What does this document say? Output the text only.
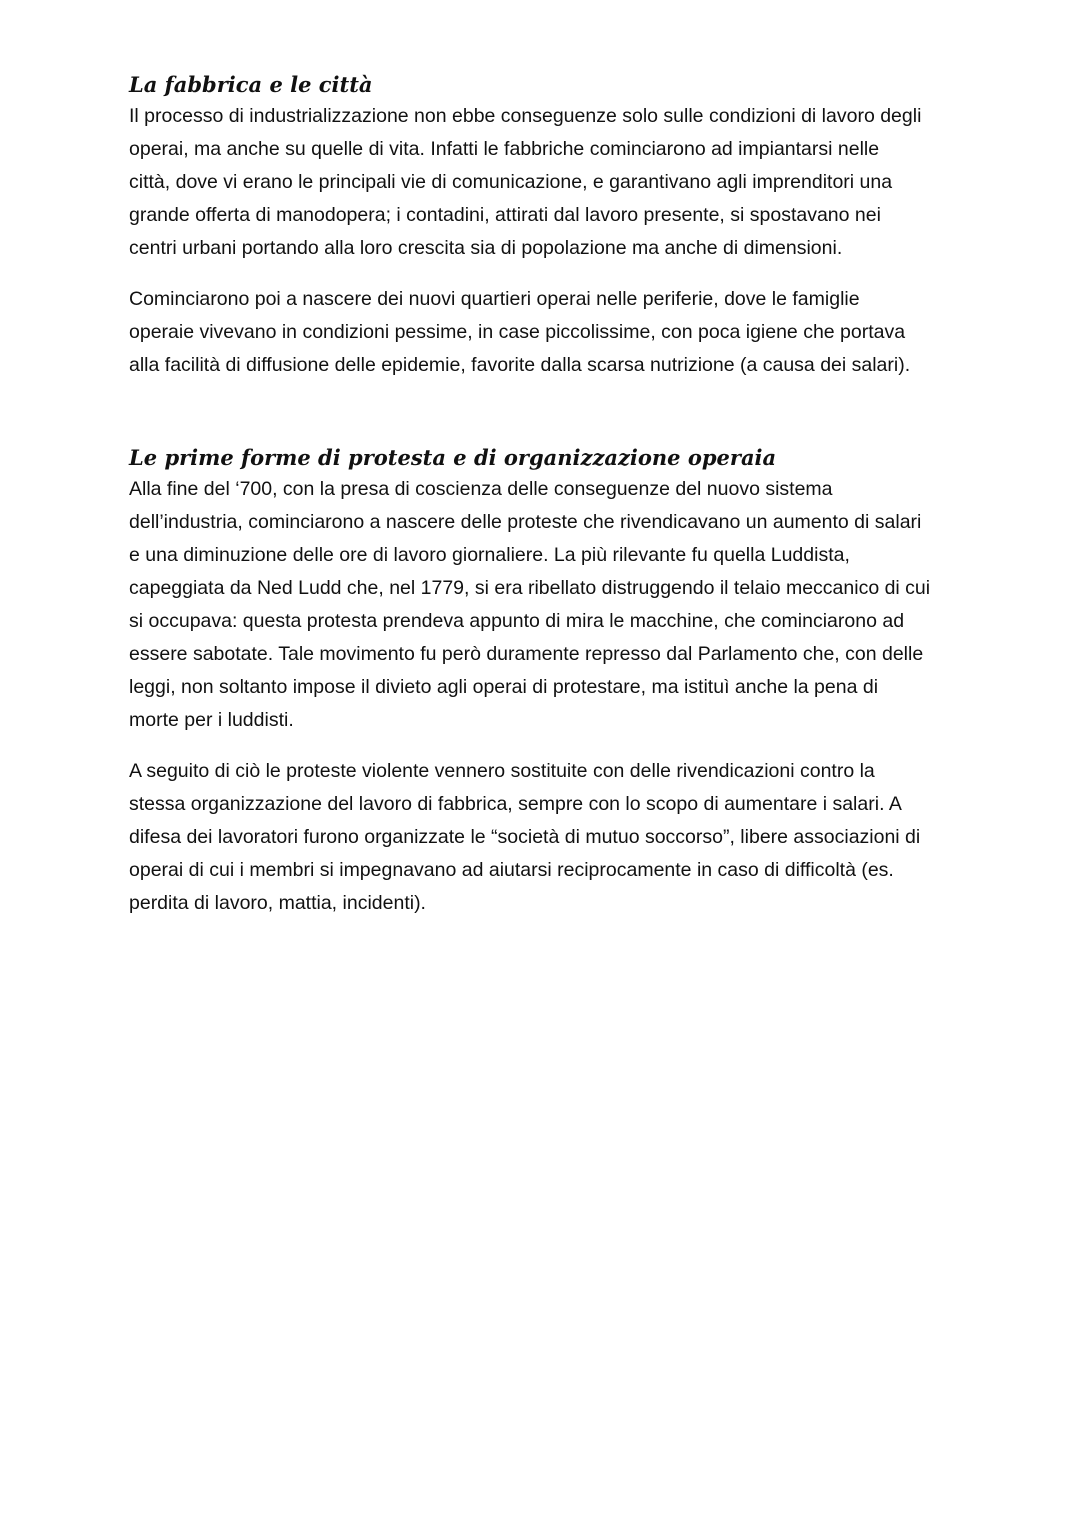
La fabbrica e le città

Il processo di industrializzazione non ebbe conseguenze solo sulle condizioni di lavoro degli
operai, ma anche su quelle di vita. Infatti le fabbriche cominciarono ad impiantarsi nelle
città, dove vi erano le principali vie di comunicazione, e garantivano agli imprenditori una
grande offerta di manodopera; i contadini, attirati dal lavoro presente, si spostavano nei
centri urbani portando alla loro crescita sia di popolazione ma anche di dimensioni.

Cominciarono poi a nascere dei nuovi quartieri operai nelle periferie, dove le famiglie
operaie vivevano in condizioni pessime, in case piccolissime, con poca igiene che portava
alla facilità di diffusione delle epidemie, favorite dalla scarsa nutrizione (a causa dei salari).

Le prime forme di protesta e di organizzazione operaia

Alla fine del ‘700, con la presa di coscienza delle conseguenze del nuovo sistema
dell’industria, cominciarono a nascere delle proteste che rivendicavano un aumento di salari
e una diminuzione delle ore di lavoro giornaliere. La più rilevante fu quella Luddista,
capeggiata da Ned Ludd che, nel 1779, si era ribellato distruggendo il telaio meccanico di cui
si occupava: questa protesta prendeva appunto di mira le macchine, che cominciarono ad
essere sabotate. Tale movimento fu però duramente represso dal Parlamento che, con delle
leggi, non soltanto impose il divieto agli operai di protestare, ma istituì anche la pena di
morte per i luddisti.

A seguito di ciò le proteste violente vennero sostituite con delle rivendicazioni contro la
stessa organizzazione del lavoro di fabbrica, sempre con lo scopo di aumentare i salari. A
difesa dei lavoratori furono organizzate le “società di mutuo soccorso”, libere associazioni di
operai di cui i membri si impegnavano ad aiutarsi reciprocamente in caso di difficoltà (es.
perdita di lavoro, mattia, incidenti).
